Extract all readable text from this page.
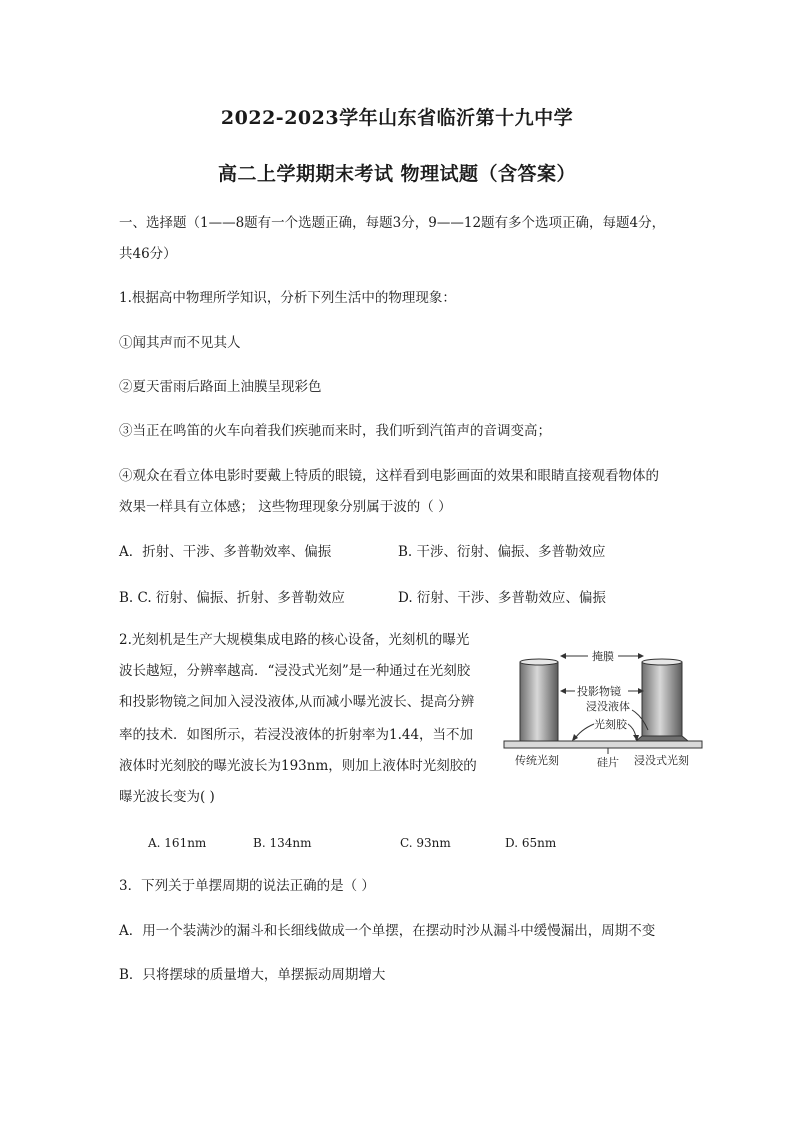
2022-2023学年山东省临沂第十九中学
高二上学期期末考试 物理试题（含答案）
一、选择题（1——8题有一个选题正确，每题3分，9——12题有多个选项正确，每题4分，
共46分）
1.根据高中物理所学知识，分析下列生活中的物理现象：
①闻其声而不见其人
②夏天雷雨后路面上油膜呈现彩色
③当正在鸣笛的火车向着我们疾驰而来时，我们听到汽笛声的音调变高；
④观众在看立体电影时要戴上特质的眼镜，这样看到电影画面的效果和眼睛直接观看物体的
效果一样具有立体感； 这些物理现象分别属于波的（ ）
A．折射、干涉、多普勒效率、偏振	B. 干涉、衍射、偏振、多普勒效应
B. C. 衍射、偏振、折射、多普勒效应	D. 衍射、干涉、多普勒效应、偏振
2.光刻机是生产大规模集成电路的核心设备，光刻机的曝光
波长越短，分辨率越高．“浸没式光刻”是一种通过在光刻胶
和投影物镜之间加入浸没液体,从而减小曝光波长、提高分辨
率的技术．如图所示，若浸没液体的折射率为1.44，当不加
液体时光刻胶的曝光波长为193nm，则加上液体时光刻胶的
曝光波长变为( )
掩膜
投影物镜
浸没液体
光刻胶
硅片
传统光刻	浸没式光刻
A. 161nm	B. 134nm	C. 93nm	D. 65nm
3．下列关于单摆周期的说法正确的是（ ）
A．用一个装满沙的漏斗和长细线做成一个单摆，在摆动时沙从漏斗中缓慢漏出，周期不变
B．只将摆球的质量增大，单摆振动周期增大
